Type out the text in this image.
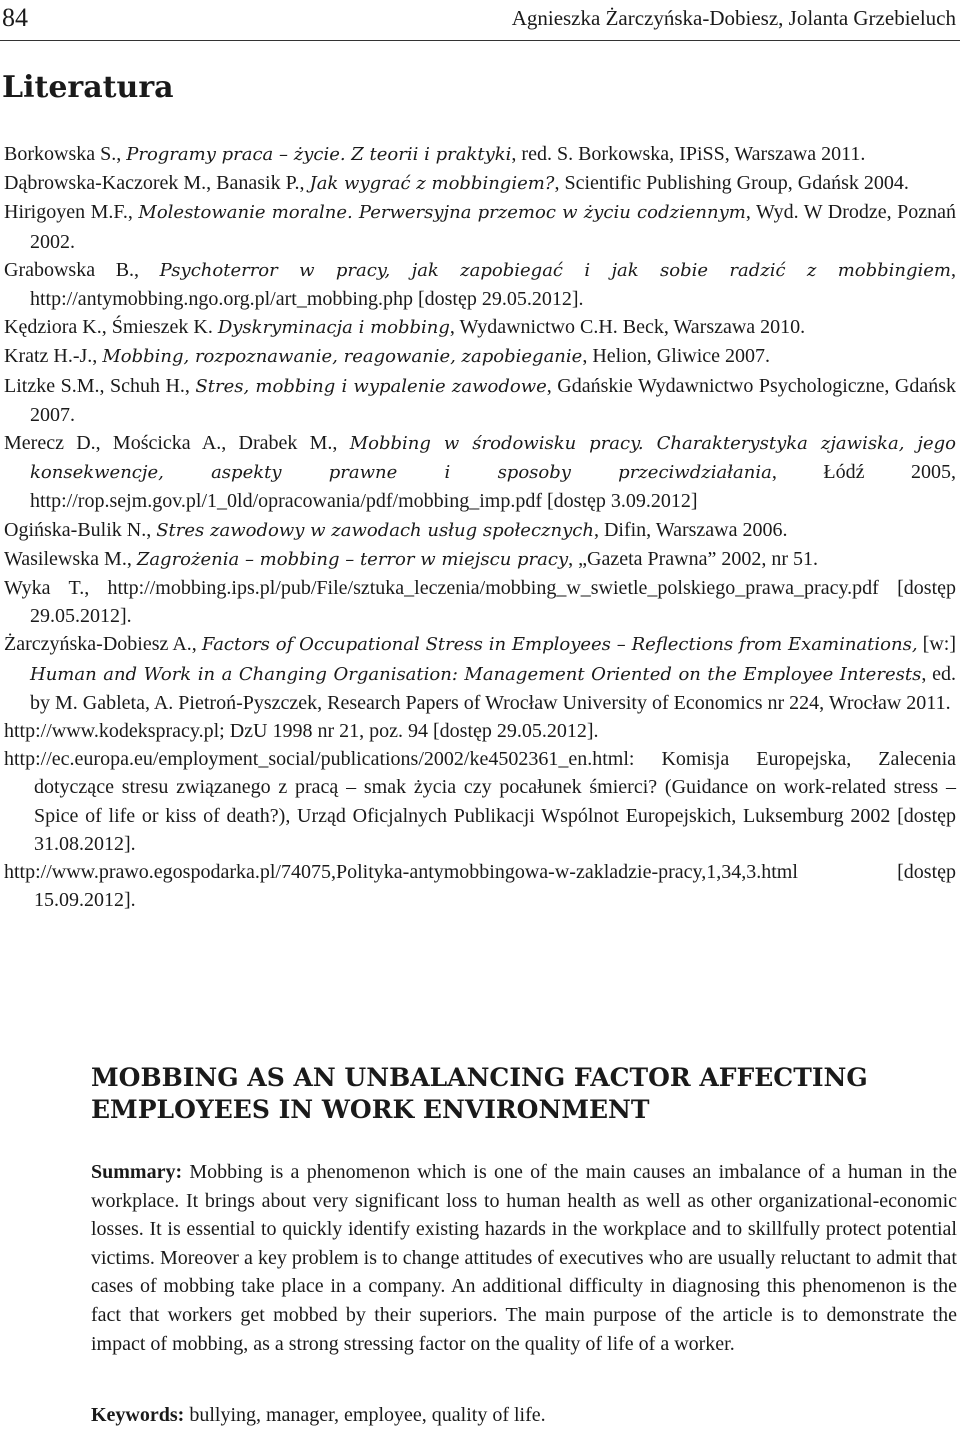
84	Agnieszka Żarczyńska-Dobiesz, Jolanta Grzebieluch
Literatura

Borkowska S., Programy praca – życie. Z teorii i praktyki, red. S. Borkowska, IPiSS, Warszawa 2011.

Dąbrowska-Kaczorek M., Banasik P., Jak wygrać z mobbingiem?, Scientific Publishing Group, Gdańsk 2004.

Hirigoyen M.F., Molestowanie moralne. Perwersyjna przemoc w życiu codziennym, Wyd. W Drodze, Poznań 2002.

Grabowska B., Psychoterror w pracy, jak zapobiegać i jak sobie radzić z mobbingiem, http://antymobbing.ngo.org.pl/art_mobbing.php [dostęp 29.05.2012].

Kędziora K., Śmieszek K. Dyskryminacja i mobbing, Wydawnictwo C.H. Beck, Warszawa 2010.

Kratz H.-J., Mobbing, rozpoznawanie, reagowanie, zapobieganie, Helion, Gliwice 2007.

Litzke S.M., Schuh H., Stres, mobbing i wypalenie zawodowe, Gdańskie Wydawnictwo Psychologiczne, Gdańsk 2007.

Merecz D., Mościcka A., Drabek M., Mobbing w środowisku pracy. Charakterystyka zjawiska, jego konsekwencje, aspekty prawne i sposoby przeciwdziałania, Łódź 2005, http://rop.sejm.gov.pl/1_0ld/opracowania/pdf/mobbing_imp.pdf [dostęp 3.09.2012]

Ogińska-Bulik N., Stres zawodowy w zawodach usług społecznych, Difin, Warszawa 2006.

Wasilewska M., Zagrożenia – mobbing – terror w miejscu pracy, „Gazeta Prawna” 2002, nr 51.

Wyka T., http://mobbing.ips.pl/pub/File/sztuka_leczenia/mobbing_w_swietle_polskiego_prawa_pracy.pdf [dostęp 29.05.2012].

Żarczyńska-Dobiesz A., Factors of Occupational Stress in Employees – Reflections from Examinations, [w:] Human and Work in a Changing Organisation: Management Oriented on the Employee Interests, ed. by M. Gableta, A. Pietroń-Pyszczek, Research Papers of Wrocław University of Economics nr 224, Wrocław 2011.

http://www.kodekspracy.pl; DzU 1998 nr 21, poz. 94 [dostęp 29.05.2012].

http://ec.europa.eu/employment_social/publications/2002/ke4502361_en.html: Komisja Europejska, Zalecenia dotyczące stresu związanego z pracą – smak życia czy pocałunek śmierci? (Guidance on work-related stress – Spice of life or kiss of death?), Urząd Oficjalnych Publikacji Wspólnot Europejskich, Luksemburg 2002 [dostęp 31.08.2012].

http://www.prawo.egospodarka.pl/74075,Polityka-antymobbingowa-w-zakladzie-pracy,1,34,3.html [dostęp 15.09.2012].

MOBBING AS AN UNBALANCING FACTOR AFFECTING
EMPLOYEES IN WORK ENVIRONMENT

Summary: Mobbing is a phenomenon which is one of the main causes an imbalance of a human in the workplace. It brings about very significant loss to human health as well as other organizational-economic losses. It is essential to quickly identify existing hazards in the workplace and to skillfully protect potential victims. Moreover a key problem is to change attitudes of executives who are usually reluctant to admit that cases of mobbing take place in a company. An additional difficulty in diagnosing this phenomenon is the fact that workers get mobbed by their superiors. The main purpose of the article is to demonstrate the impact of mobbing, as a strong stressing factor on the quality of life of a worker.

Keywords: bullying, manager, employee, quality of life.
